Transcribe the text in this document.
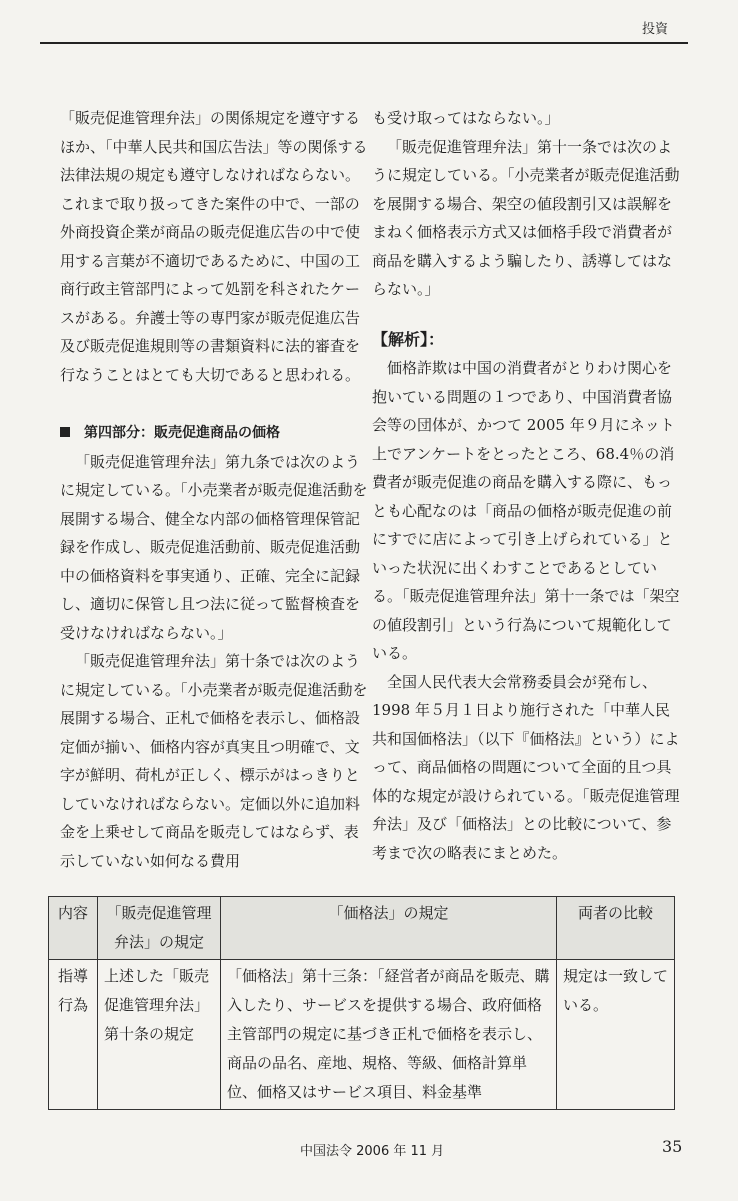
投資

「販売促進管理弁法」の関係規定を遵守するほか、「中華人民共和国広告法」等の関係する法律法規の規定も遵守しなければならない。これまで取り扱ってきた案件の中で、一部の外商投資企業が商品の販売促進広告の中で使用する言葉が不適切であるために、中国の工商行政主管部門によって処罰を科されたケースがある。弁護士等の専門家が販売促進広告及び販売促進規則等の書類資料に法的審査を行なうことはとても大切であると思われる。

第四部分：販売促進商品の価格

「販売促進管理弁法」第九条では次のように規定している。「小売業者が販売促進活動を展開する場合、健全な内部の価格管理保管記録を作成し、販売促進活動前、販売促進活動中の価格資料を事実通り、正確、完全に記録し、適切に保管し且つ法に従って監督検査を受けなければならない。」

「販売促進管理弁法」第十条では次のように規定している。「小売業者が販売促進活動を展開する場合、正札で価格を表示し、価格設定価が揃い、価格内容が真実且つ明確で、文字が鮮明、荷札が正しく、標示がはっきりとしていなければならない。定価以外に追加料金を上乗せして商品を販売してはならず、表示していない如何なる費用

も受け取ってはならない。」

「販売促進管理弁法」第十一条では次のように規定している。「小売業者が販売促進活動を展開する場合、架空の値段割引又は誤解をまねく価格表示方式又は価格手段で消費者が商品を購入するよう騙したり、誘導してはならない。」

【解析】：

価格詐欺は中国の消費者がとりわけ関心を抱いている問題の１つであり、中国消費者協会等の団体が、かつて 2005 年９月にネット上でアンケートをとったところ、68.4％の消費者が販売促進の商品を購入する際に、もっとも心配なのは「商品の価格が販売促進の前にすでに店によって引き上げられている」といった状況に出くわすことであるとしている。「販売促進管理弁法」第十一条では「架空の値段割引」という行為について規範化している。

全国人民代表大会常務委員会が発布し、1998 年５月１日より施行された「中華人民共和国価格法」（以下『価格法』という）によって、商品価格の問題について全面的且つ具体的な規定が設けられている。「販売促進管理弁法」及び「価格法」との比較について、参考まで次の略表にまとめた。

内容	「販売促進管理弁法」の規定	「価格法」の規定	両者の比較
指導行為	上述した「販売促進管理弁法」第十条の規定	「価格法」第十三条：「経営者が商品を販売、購入したり、サービスを提供する場合、政府価格主管部門の規定に基づき正札で価格を表示し、商品の品名、産地、規格、等級、価格計算単位、価格又はサービス項目、料金基準	規定は一致している。
中国法令 2006 年 11 月	35
